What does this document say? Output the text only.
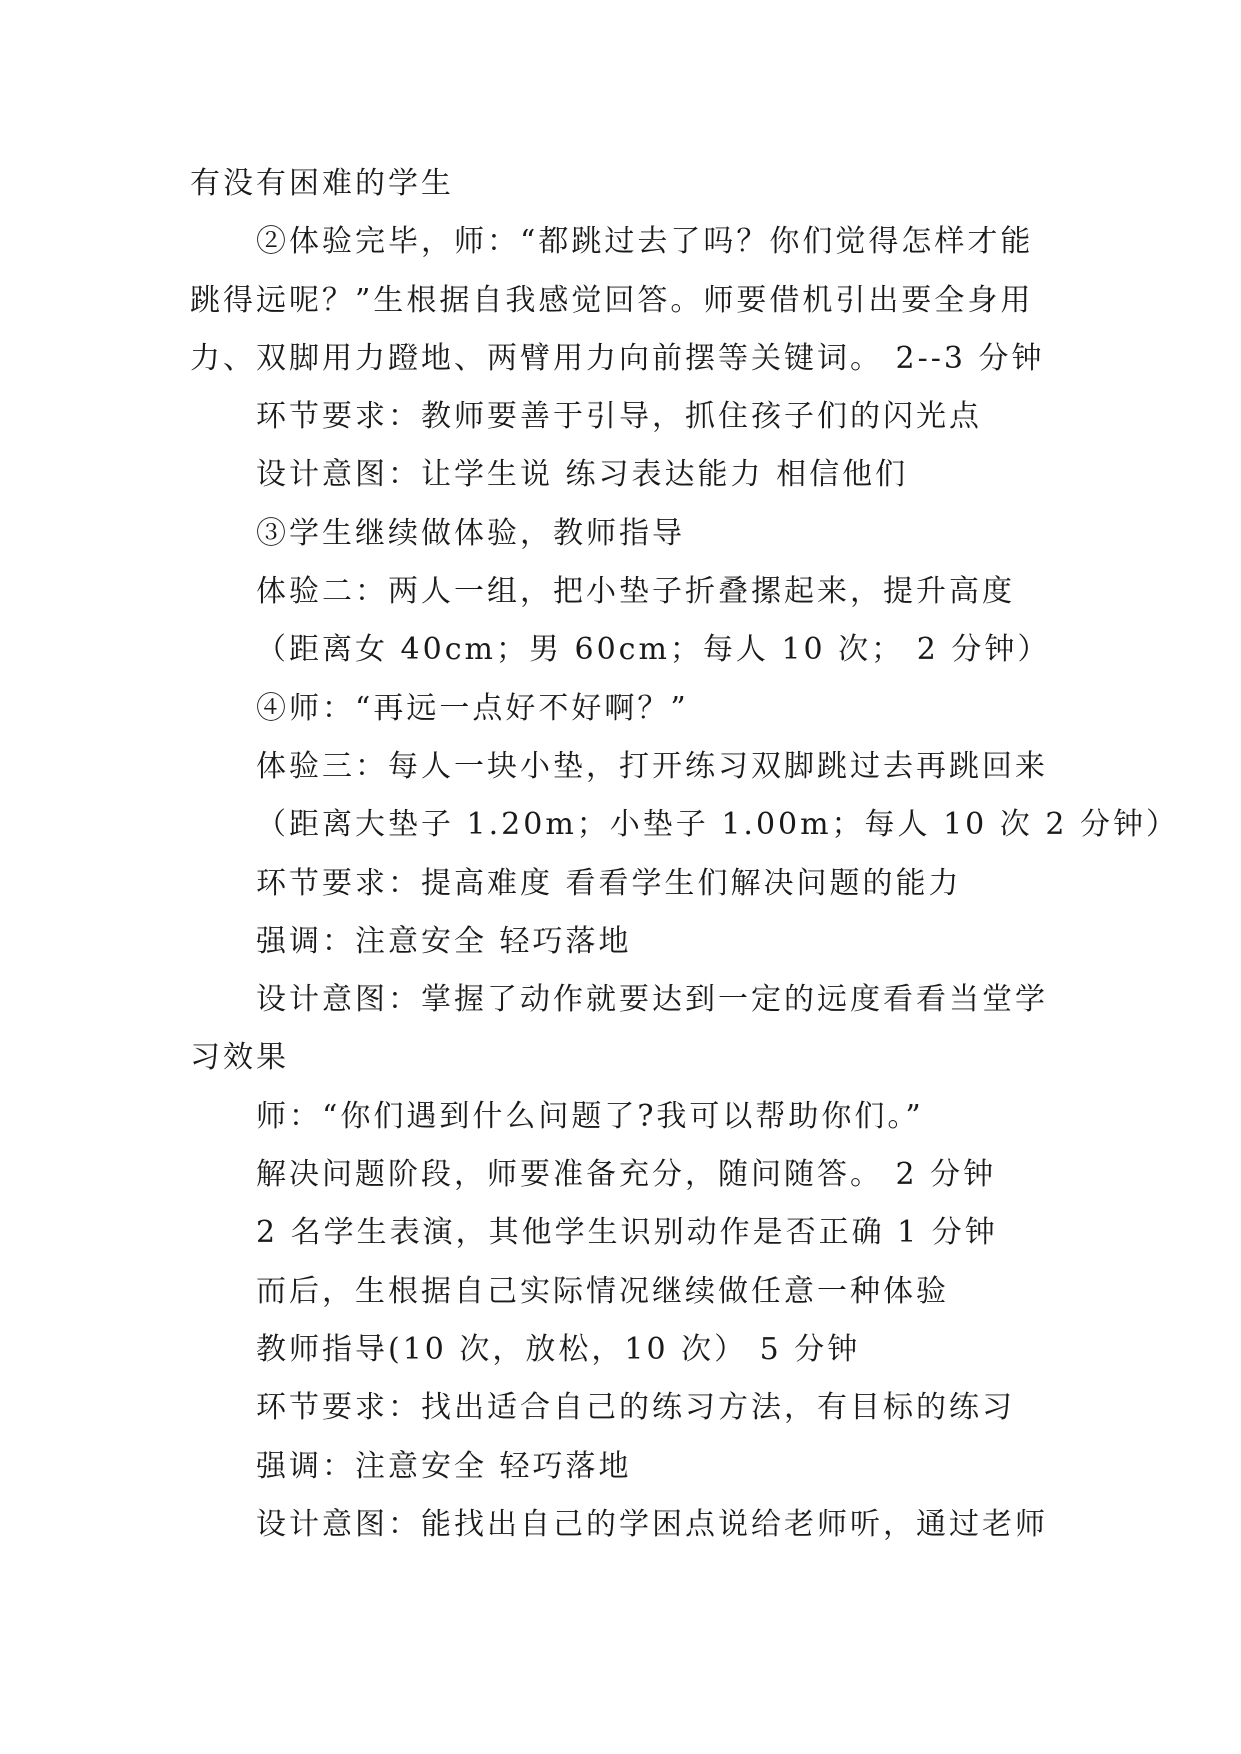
有没有困难的学生
②体验完毕，师：“都跳过去了吗？你们觉得怎样才能
跳得远呢？”生根据自我感觉回答。师要借机引出要全身用
力、双脚用力蹬地、两臂用力向前摆等关键词。 2--3 分钟
环节要求：教师要善于引导，抓住孩子们的闪光点
设计意图：让学生说 练习表达能力 相信他们
③学生继续做体验，教师指导
体验二：两人一组，把小垫子折叠摞起来，提升高度
（距离女 40cm；男 60cm；每人 10 次； 2 分钟）
④师：“再远一点好不好啊？”
体验三：每人一块小垫，打开练习双脚跳过去再跳回来
（距离大垫子 1.20m；小垫子 1.00m；每人 10 次 2 分钟）
环节要求：提高难度 看看学生们解决问题的能力
强调：注意安全 轻巧落地
设计意图：掌握了动作就要达到一定的远度看看当堂学
习效果
师：“你们遇到什么问题了?我可以帮助你们。”
解决问题阶段，师要准备充分，随问随答。 2 分钟
2 名学生表演，其他学生识别动作是否正确 1 分钟
而后，生根据自己实际情况继续做任意一种体验
教师指导(10 次，放松，10 次） 5 分钟
环节要求：找出适合自己的练习方法，有目标的练习
强调：注意安全 轻巧落地
设计意图：能找出自己的学困点说给老师听，通过老师
